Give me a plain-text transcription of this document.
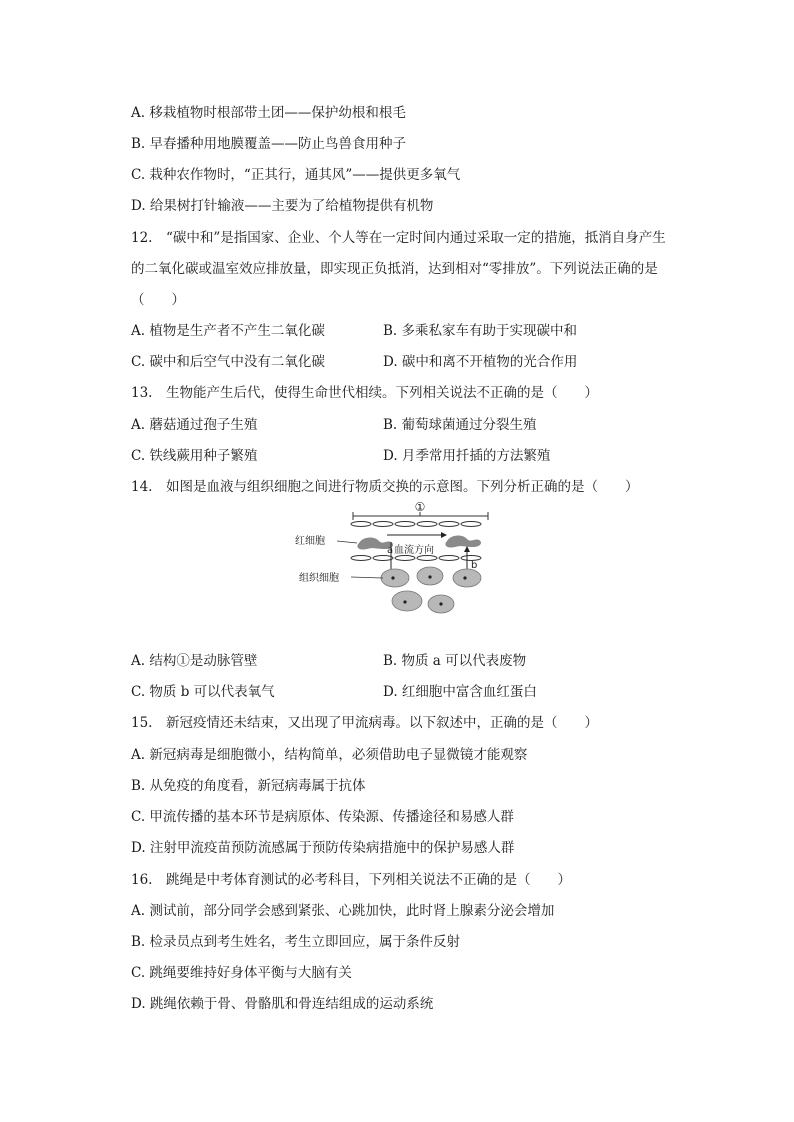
A. 移栽植物时根部带土团——保护幼根和根毛
B. 早春播种用地膜覆盖——防止鸟兽食用种子
C. 栽种农作物时，“正其行，通其风”——提供更多氧气
D. 给果树打针输液——主要为了给植物提供有机物
12.　“碳中和”是指国家、企业、个人等在一定时间内通过采取一定的措施，抵消自身产生
的二氧化碳或温室效应排放量，即实现正负抵消，达到相对“零排放”。下列说法正确的是
（　　）
A. 植物是生产者不产生二氧化碳	B. 多乘私家车有助于实现碳中和
C. 碳中和后空气中没有二氧化碳	D. 碳中和离不开植物的光合作用
13.　生物能产生后代，使得生命世代相续。下列相关说法不正确的是（　　）
A. 蘑菇通过孢子生殖	B. 葡萄球菌通过分裂生殖
C. 铁线蕨用种子繁殖	D. 月季常用扦插的方法繁殖
14.　如图是血液与组织细胞之间进行物质交换的示意图。下列分析正确的是（　　）
①
红细胞
a 血流方向
b
组织细胞
A. 结构①是动脉管壁	B. 物质 a 可以代表废物
C. 物质 b 可以代表氧气	D. 红细胞中富含血红蛋白
15.　新冠疫情还未结束，又出现了甲流病毒。以下叙述中，正确的是（　　）
A. 新冠病毒是细胞微小，结构简单，必须借助电子显微镜才能观察
B. 从免疫的角度看，新冠病毒属于抗体
C. 甲流传播的基本环节是病原体、传染源、传播途径和易感人群
D. 注射甲流疫苗预防流感属于预防传染病措施中的保护易感人群
16.　跳绳是中考体育测试的必考科目，下列相关说法不正确的是（　　）
A. 测试前，部分同学会感到紧张、心跳加快，此时肾上腺素分泌会增加
B. 检录员点到考生姓名，考生立即回应，属于条件反射
C. 跳绳要维持好身体平衡与大脑有关
D. 跳绳依赖于骨、骨骼肌和骨连结组成的运动系统
